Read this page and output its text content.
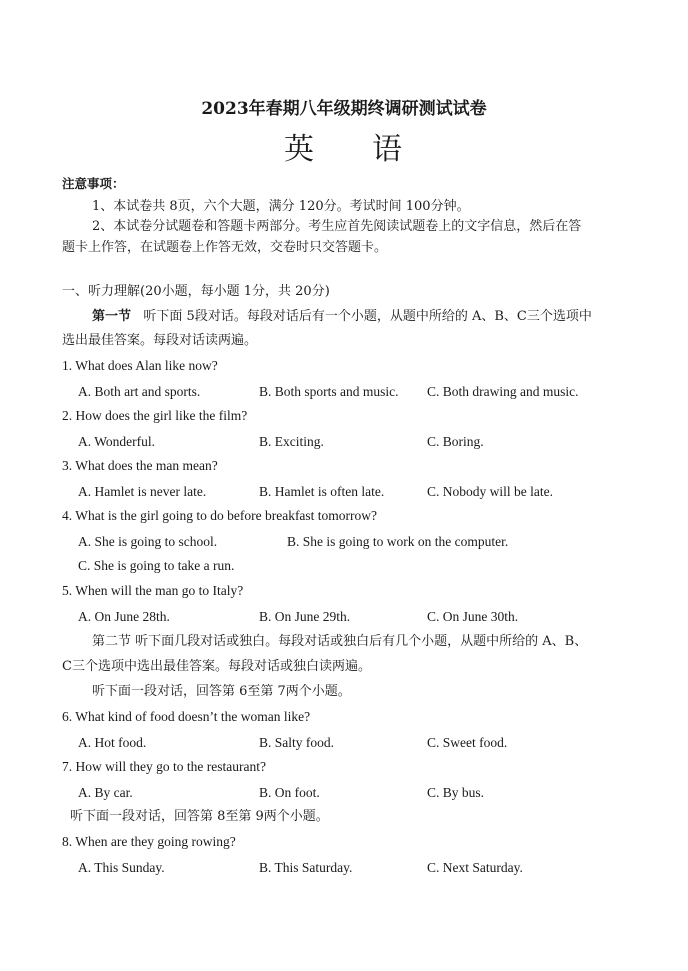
2023年春期八年级期终调研测试试卷
英 语
注意事项：
1、本试卷共 8页，六个大题，满分 120分。考试时间 100分钟。
2、本试卷分试题卷和答题卡两部分。考生应首先阅读试题卷上的文字信息，然后在答
题卡上作答，在试题卷上作答无效，交卷时只交答题卡。
一、听力理解(20小题，每小题 1分，共 20分)
第一节 听下面 5段对话。每段对话后有一个小题，从题中所给的 A、B、C三个选项中
选出最佳答案。每段对话读两遍。
1. What does Alan like now?
A. Both art and sports.	B. Both sports and music. C. Both drawing and music.
2. How does the girl like the film?
A. Wonderful.	B. Exciting.	C. Boring.
3. What does the man mean?
A. Hamlet is never late.	B. Hamlet is often late.	C. Nobody will be late.
4. What is the girl going to do before breakfast tomorrow?
A. She is going to school.	B. She is going to work on the computer.
C. She is going to take a run.
5. When will the man go to Italy?
A. On June 28th.	B. On June 29th.	C. On June 30th.
第二节 听下面几段对话或独白。每段对话或独白后有几个小题，从题中所给的 A、B、
C三个选项中选出最佳答案。每段对话或独白读两遍。
听下面一段对话，回答第 6至第 7两个小题。
6. What kind of food doesn’t the woman like?
A. Hot food.	B. Salty food.	C. Sweet food.
7. How will they go to the restaurant?
A. By car.	B. On foot.	C. By bus.
听下面一段对话，回答第 8至第 9两个小题。
8. When are they going rowing?
A. This Sunday.	B. This Saturday.	C. Next Saturday.
